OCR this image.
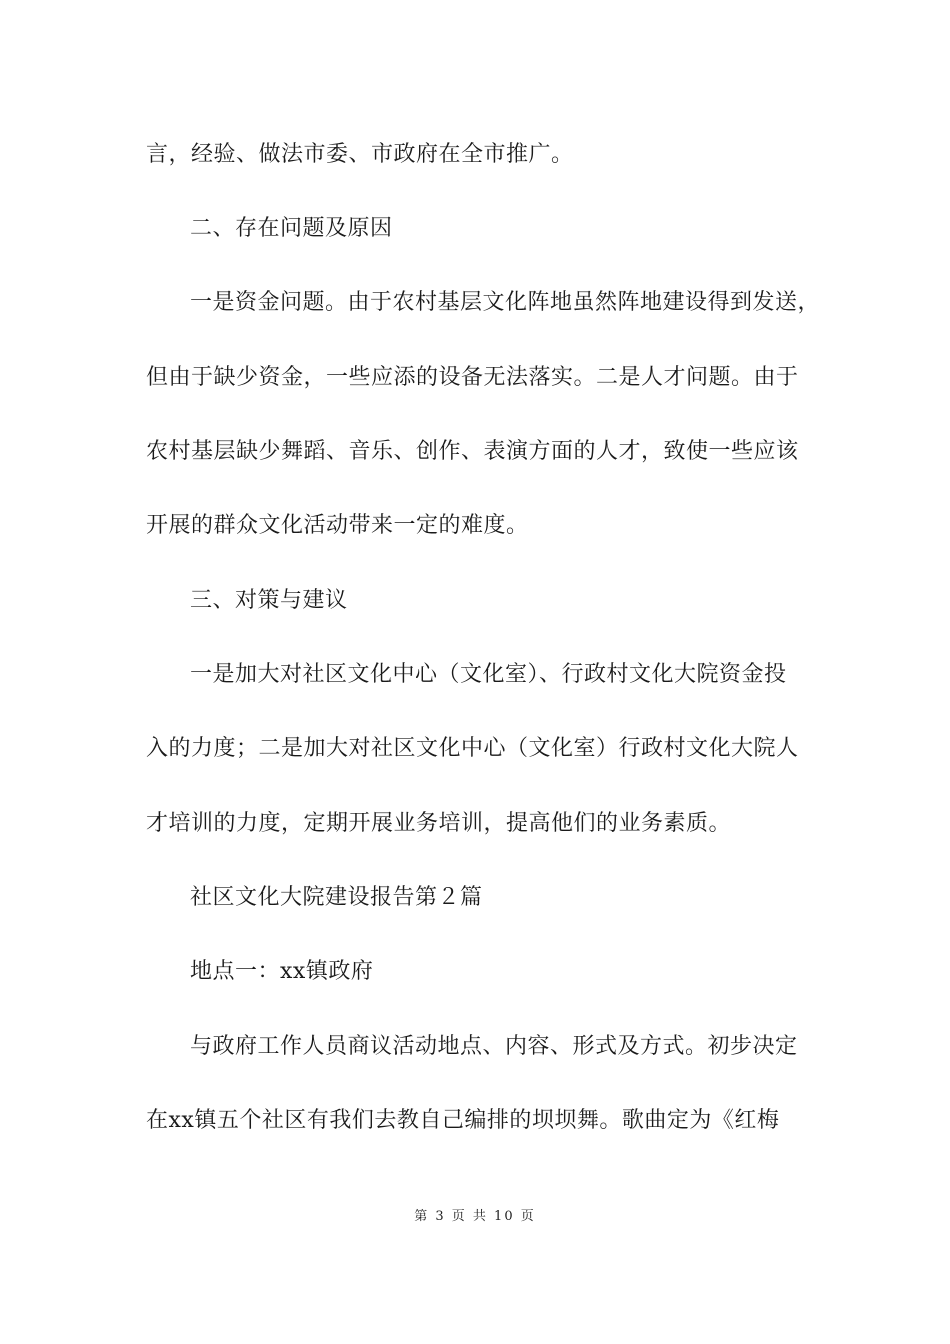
言，经验、做法市委、市政府在全市推广。
二、存在问题及原因
一是资金问题。由于农村基层文化阵地虽然阵地建设得到发送，
但由于缺少资金，一些应添的设备无法落实。二是人才问题。由于
农村基层缺少舞蹈、音乐、创作、表演方面的人才，致使一些应该
开展的群众文化活动带来一定的难度。
三、对策与建议
一是加大对社区文化中心（文化室）、行政村文化大院资金投
入的力度；二是加大对社区文化中心（文化室）行政村文化大院人
才培训的力度，定期开展业务培训，提高他们的业务素质。
社区文化大院建设报告第２篇
地点一：xx镇政府
与政府工作人员商议活动地点、内容、形式及方式。初步决定
在xx镇五个社区有我们去教自己编排的坝坝舞。歌曲定为《红梅
第 3 页 共 10 页
